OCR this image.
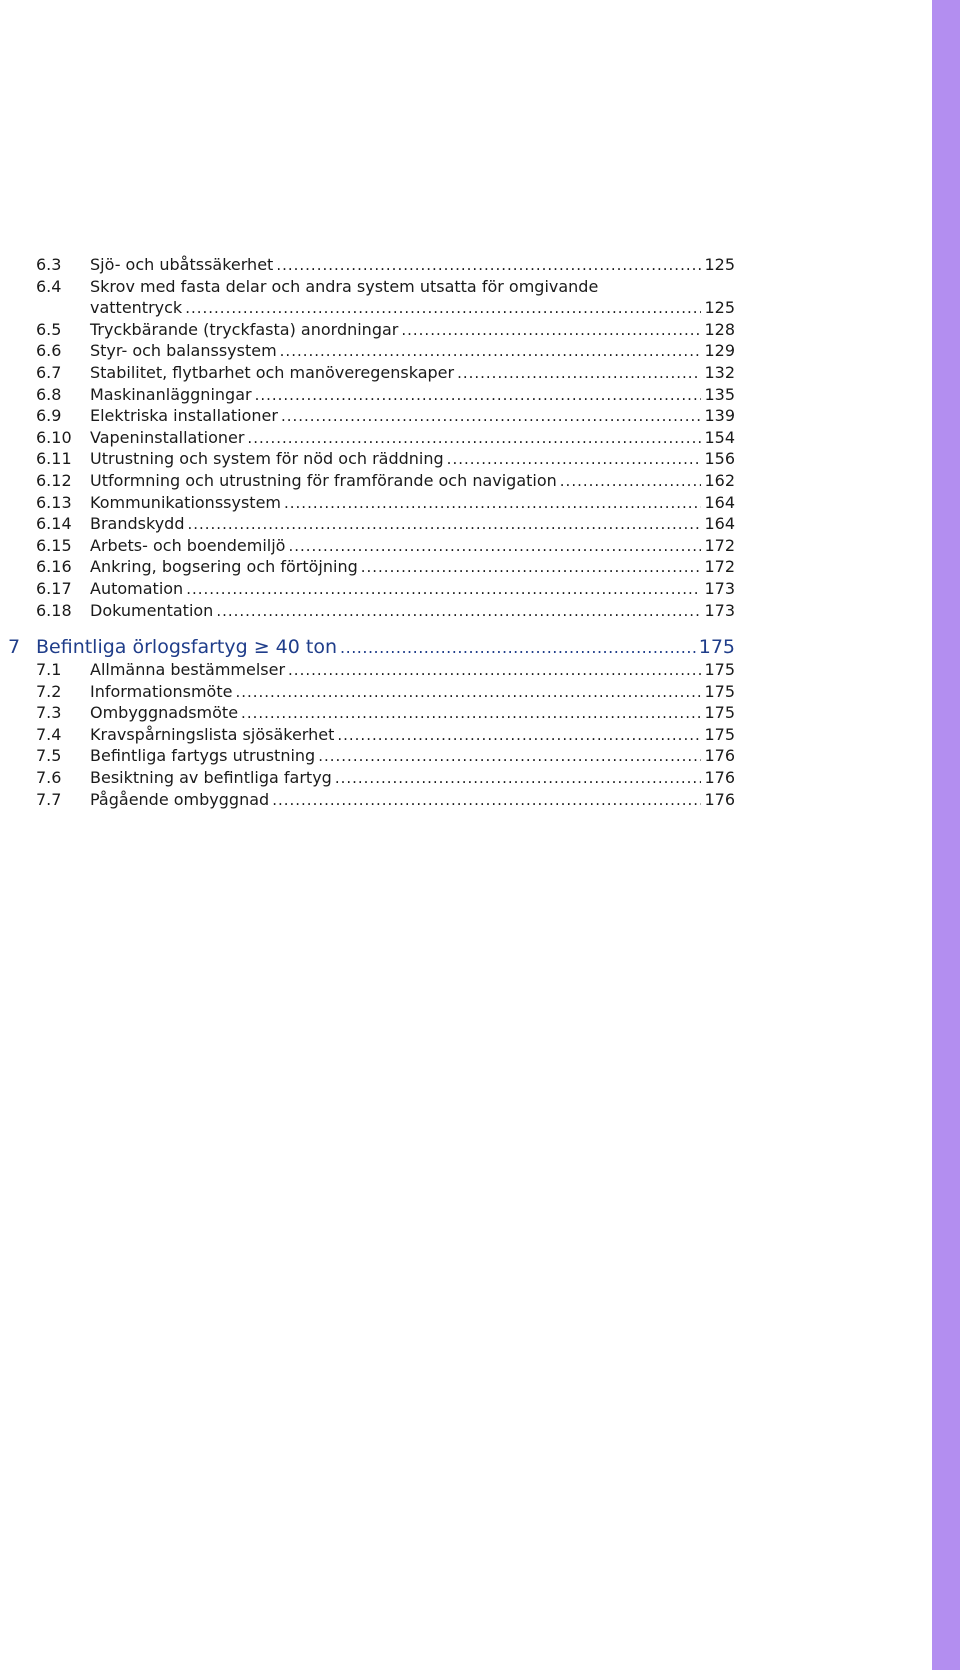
6.3	Sjö- och ubåtssäkerhet .....	125
6.4	Skrov med fasta delar och andra system utsatta för omgivande
vattentryck .....	125
6.5	Tryckbärande (tryckfasta) anordningar .....	128
6.6	Styr- och balanssystem .....	129
6.7	Stabilitet, flytbarhet och manöveregenskaper .....	132
6.8	Maskinanläggningar .....	135
6.9	Elektriska installationer .....	139
6.10	Vapeninstallationer .....	154
6.11	Utrustning och system för nöd och räddning .....	156
6.12	Utformning och utrustning för framförande och navigation .....	162
6.13	Kommunikationssystem .....	164
6.14	Brandskydd .....	164
6.15	Arbets- och boendemiljö .....	172
6.16	Ankring, bogsering och förtöjning .....	172
6.17	Automation .....	173
6.18	Dokumentation .....	173
7 Befintliga örlogsfartyg ≥ 40 ton .....	175
7.1	Allmänna bestämmelser .....	175
7.2	Informationsmöte .....	175
7.3	Ombyggnadsmöte .....	175
7.4	Kravspårningslista sjösäkerhet .....	175
7.5	Befintliga fartygs utrustning .....	176
7.6	Besiktning av befintliga fartyg .....	176
7.7	Pågående ombyggnad .....	176
